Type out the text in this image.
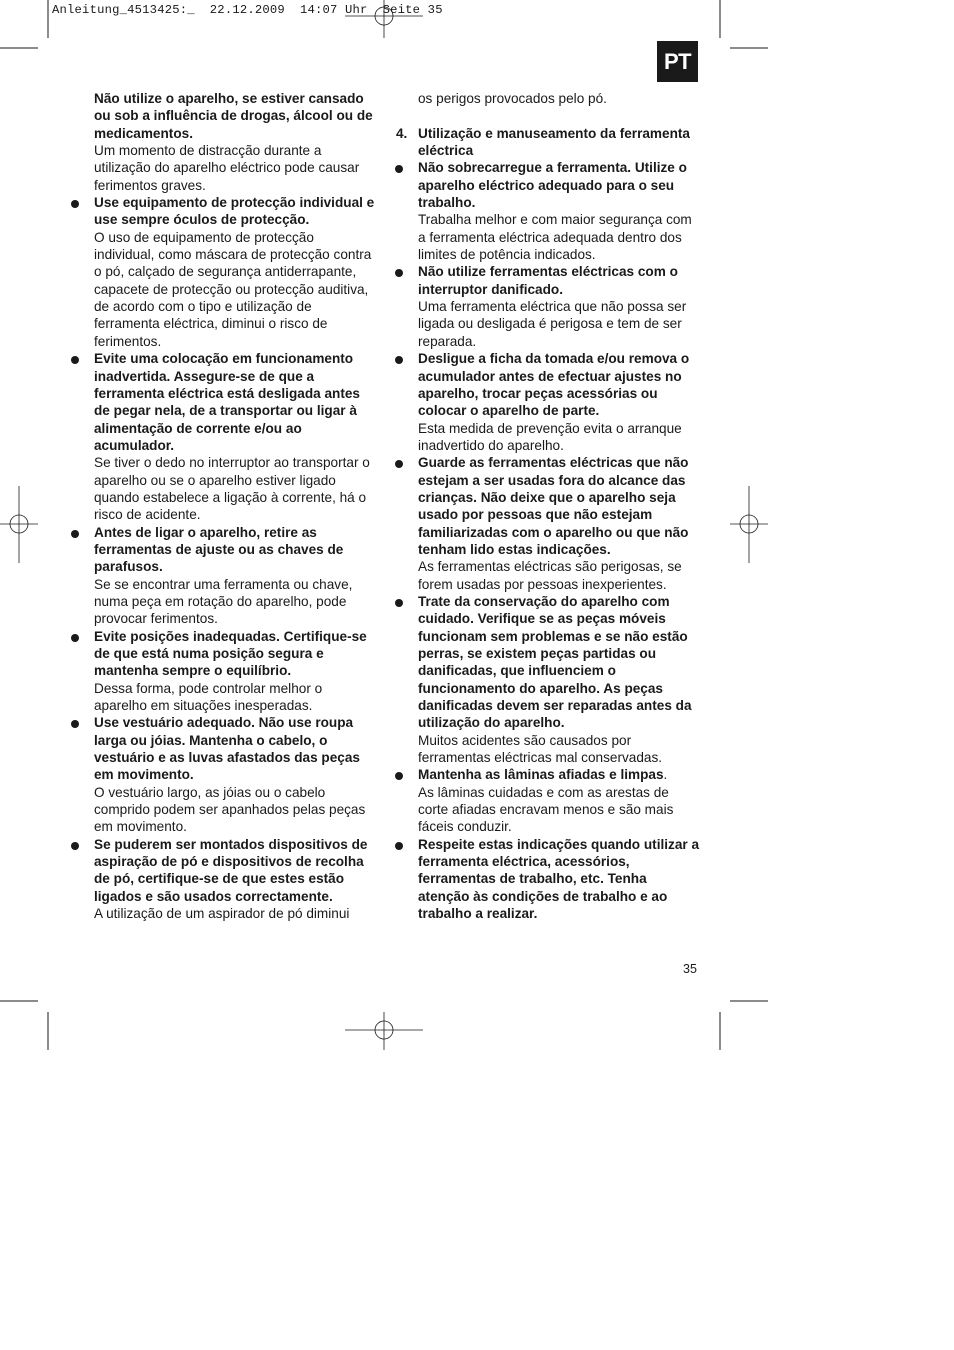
Anleitung_4513425:_  22.12.2009  14:07 Uhr  Seite 35
PT
Não utilize o aparelho, se estiver cansado ou sob a influência de drogas, álcool ou de medicamentos.
Um momento de distracção durante a utilização do aparelho eléctrico pode causar ferimentos graves.
Use equipamento de protecção individual e use sempre óculos de protecção.
O uso de equipamento de protecção individual, como máscara de protecção contra o pó, calçado de segurança antiderrapante, capacete de protecção ou protecção auditiva, de acordo com o tipo e utilização de ferramenta eléctrica, diminui o risco de ferimentos.
Evite uma colocação em funcionamento inadvertida. Assegure-se de que a ferramenta eléctrica está desligada antes de pegar nela, de a transportar ou ligar à alimentação de corrente e/ou ao acumulador.
Se tiver o dedo no interruptor ao transportar o aparelho ou se o aparelho estiver ligado quando estabelece a ligação à corrente, há o risco de acidente.
Antes de ligar o aparelho, retire as ferramentas de ajuste ou as chaves de parafusos.
Se se encontrar uma ferramenta ou chave, numa peça em rotação do aparelho, pode provocar ferimentos.
Evite posições inadequadas. Certifique-se de que está numa posição segura e mantenha sempre o equilíbrio.
Dessa forma, pode controlar melhor o aparelho em situações inesperadas.
Use vestuário adequado. Não use roupa larga ou jóias. Mantenha o cabelo, o vestuário e as luvas afastados das peças em movimento.
O vestuário largo, as jóias ou o cabelo comprido podem ser apanhados pelas peças em movimento.
Se puderem ser montados dispositivos de aspiração de pó e dispositivos de recolha de pó, certifique-se de que estes estão ligados e são usados correctamente.
A utilização de um aspirador de pó diminui
os perigos provocados pelo pó.
4. Utilização e manuseamento da ferramenta eléctrica
Não sobrecarregue a ferramenta. Utilize o aparelho eléctrico adequado para o seu trabalho.
Trabalha melhor e com maior segurança com a ferramenta eléctrica adequada dentro dos limites de potência indicados.
Não utilize ferramentas eléctricas com o interruptor danificado.
Uma ferramenta eléctrica que não possa ser ligada ou desligada é perigosa e tem de ser reparada.
Desligue a ficha da tomada e/ou remova o acumulador antes de efectuar ajustes no aparelho, trocar peças acessórias ou colocar o aparelho de parte.
Esta medida de prevenção evita o arranque inadvertido do aparelho.
Guarde as ferramentas eléctricas que não estejam a ser usadas fora do alcance das crianças. Não deixe que o aparelho seja usado por pessoas que não estejam familiarizadas com o aparelho ou que não tenham lido estas indicações.
As ferramentas eléctricas são perigosas, se forem usadas por pessoas inexperientes.
Trate da conservação do aparelho com cuidado. Verifique se as peças móveis funcionam sem problemas e se não estão perras, se existem peças partidas ou danificadas, que influenciem o funcionamento do aparelho. As peças danificadas devem ser reparadas antes da utilização do aparelho.
Muitos acidentes são causados por ferramentas eléctricas mal conservadas.
Mantenha as lâminas afiadas e limpas.
As lâminas cuidadas e com as arestas de corte afiadas encravam menos e são mais fáceis conduzir.
Respeite estas indicações quando utilizar a ferramenta eléctrica, acessórios, ferramentas de trabalho, etc. Tenha atenção às condições de trabalho e ao trabalho a realizar.
35
